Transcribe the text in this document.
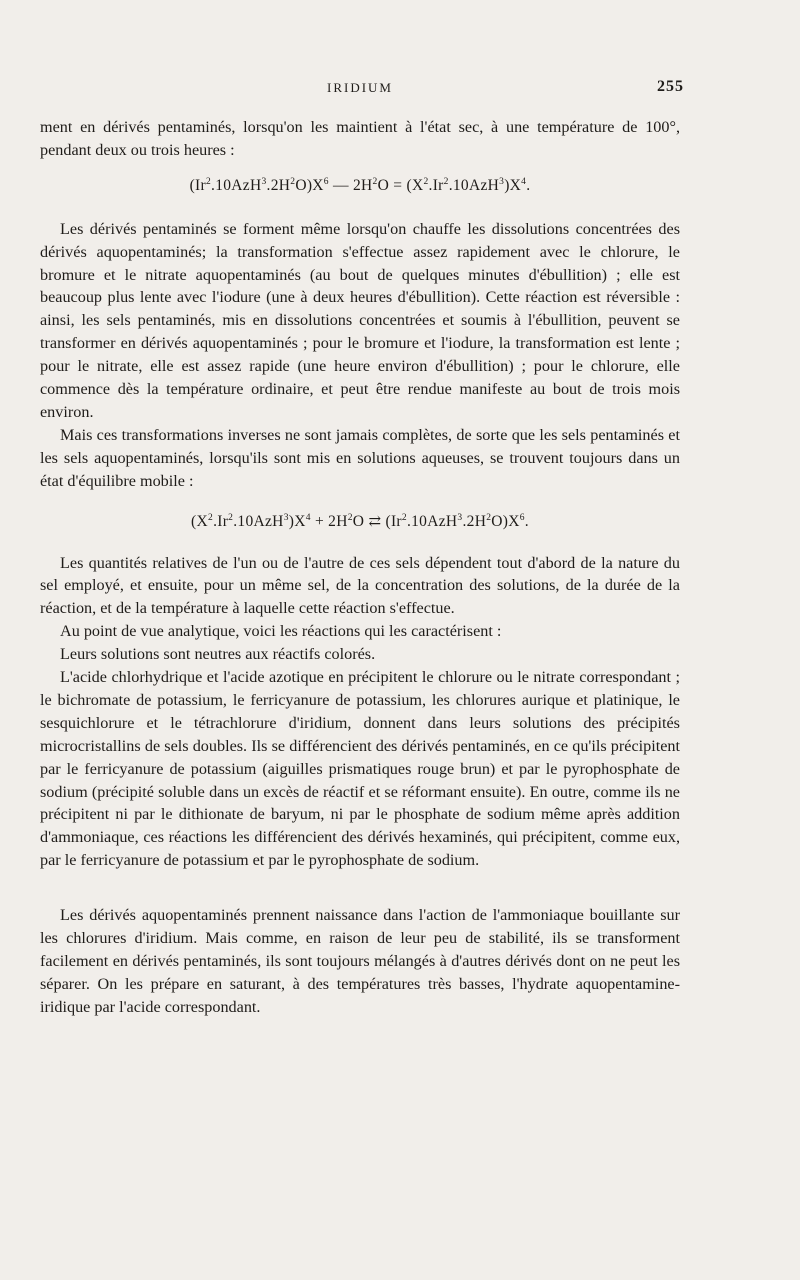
IRIDIUM	255

ment en dérivés pentaminés, lorsqu'on les maintient à l'état sec, à une température de 100°, pendant deux ou trois heures :

$(Ir^2.10AzH^3.2H^2O)X^6$ — $2H^2O = (X^2.Ir^2.10AzH^3)X^4$.

Les dérivés pentaminés se forment même lorsqu'on chauffe les dissolutions concentrées des dérivés aquopentaminés; la transformation s'effectue assez rapidement avec le chlorure, le bromure et le nitrate aquopentaminés (au bout de quelques minutes d'ébullition) ; elle est beaucoup plus lente avec l'iodure (une à deux heures d'ébullition). Cette réaction est réversible : ainsi, les sels pentaminés, mis en dissolutions concentrées et soumis à l'ébullition, peuvent se transformer en dérivés aquopentaminés ; pour le bromure et l'iodure, la transformation est lente ; pour le nitrate, elle est assez rapide (une heure environ d'ébullition) ; pour le chlorure, elle commence dès la température ordinaire, et peut être rendue manifeste au bout de trois mois environ.

Mais ces transformations inverses ne sont jamais complètes, de sorte que les sels pentaminés et les sels aquopentaminés, lorsqu'ils sont mis en solutions aqueuses, se trouvent toujours dans un état d'équilibre mobile :

$(X^2.Ir^2.10AzH^3)X^4 + 2H^2O$ ⇄ $(Ir^2.10AzH^3.2H^2O)X^6$.

Les quantités relatives de l'un ou de l'autre de ces sels dépendent tout d'abord de la nature du sel employé, et ensuite, pour un même sel, de la concentration des solutions, de la durée de la réaction, et de la température à laquelle cette réaction s'effectue.

Au point de vue analytique, voici les réactions qui les caractérisent :

Leurs solutions sont neutres aux réactifs colorés.

L'acide chlorhydrique et l'acide azotique en précipitent le chlorure ou le nitrate correspondant ; le bichromate de potassium, le ferricyanure de potassium, les chlorures aurique et platinique, le sesquichlorure et le tétrachlorure d'iridium, donnent dans leurs solutions des précipités microcristallins de sels doubles. Ils se différencient des dérivés pentaminés, en ce qu'ils précipitent par le ferricyanure de potassium (aiguilles prismatiques rouge brun) et par le pyrophosphate de sodium (précipité soluble dans un excès de réactif et se réformant ensuite). En outre, comme ils ne précipitent ni par le dithionate de baryum, ni par le phosphate de sodium même après addition d'ammoniaque, ces réactions les différencient des dérivés hexaminés, qui précipitent, comme eux, par le ferricyanure de potassium et par le pyrophosphate de sodium.

Les dérivés aquopentaminés prennent naissance dans l'action de l'ammoniaque bouillante sur les chlorures d'iridium. Mais comme, en raison de leur peu de stabilité, ils se transforment facilement en dérivés pentaminés, ils sont toujours mélangés à d'autres dérivés dont on ne peut les séparer. On les prépare en saturant, à des températures très basses, l'hydrate aquopentamine-iridique par l'acide correspondant.
